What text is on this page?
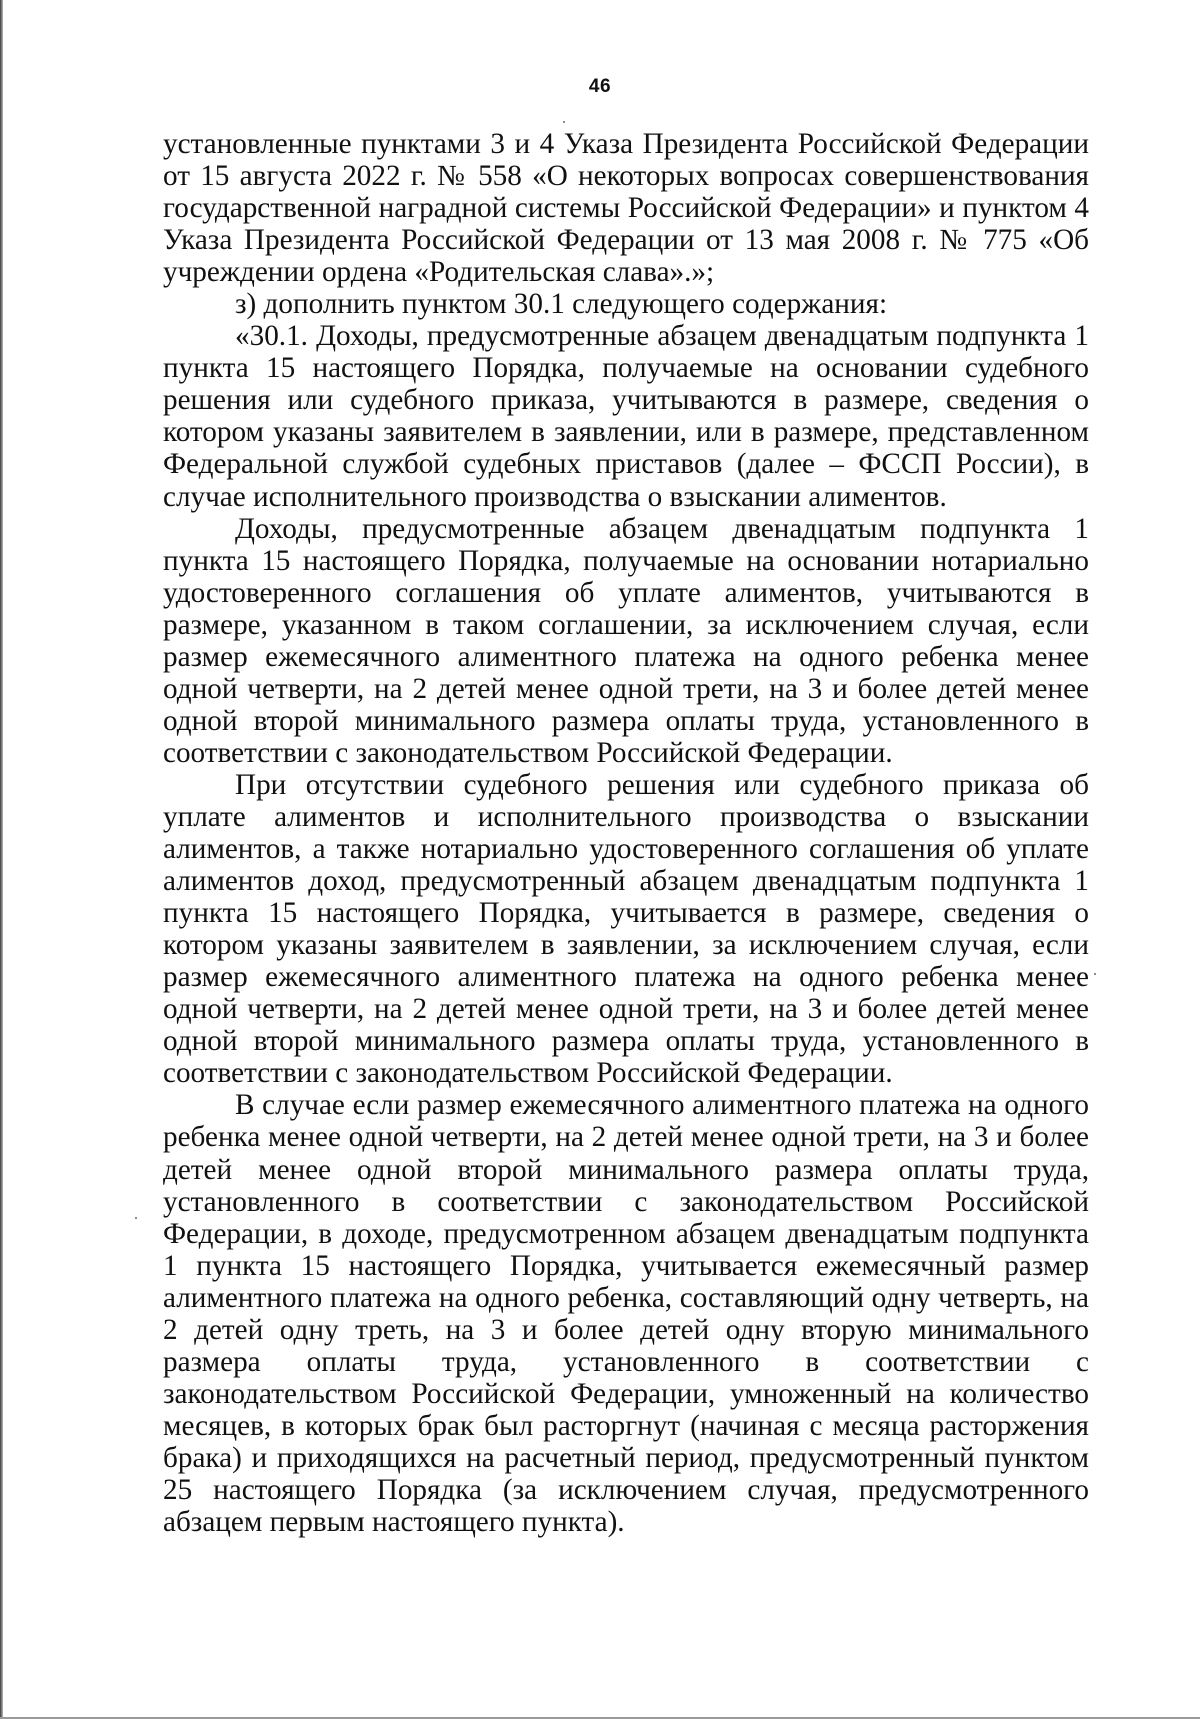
46

установленные пунктами 3 и 4 Указа Президента Российской Федерации от 15 августа 2022 г. № 558 «О некоторых вопросах совершенствования государственной наградной системы Российской Федерации» и пунктом 4 Указа Президента Российской Федерации от 13 мая 2008 г. № 775 «Об учреждении ордена «Родительская слава».»;

з) дополнить пунктом 30.1 следующего содержания:

«30.1. Доходы, предусмотренные абзацем двенадцатым подпункта 1 пункта 15 настоящего Порядка, получаемые на основании судебного решения или судебного приказа, учитываются в размере, сведения о котором указаны заявителем в заявлении, или в размере, представленном Федеральной службой судебных приставов (далее – ФССП России), в случае исполнительного производства о взыскании алиментов.

Доходы, предусмотренные абзацем двенадцатым подпункта 1 пункта 15 настоящего Порядка, получаемые на основании нотариально удостоверенного соглашения об уплате алиментов, учитываются в размере, указанном в таком соглашении, за исключением случая, если размер ежемесячного алиментного платежа на одного ребенка менее одной четверти, на 2 детей менее одной трети, на 3 и более детей менее одной второй минимального размера оплаты труда, установленного в соответствии с законодательством Российской Федерации.

При отсутствии судебного решения или судебного приказа об уплате алиментов и исполнительного производства о взыскании алиментов, а также нотариально удостоверенного соглашения об уплате алиментов доход, предусмотренный абзацем двенадцатым подпункта 1 пункта 15 настоящего Порядка, учитывается в размере, сведения о котором указаны заявителем в заявлении, за исключением случая, если размер ежемесячного алиментного платежа на одного ребенка менее одной четверти, на 2 детей менее одной трети, на 3 и более детей менее одной второй минимального размера оплаты труда, установленного в соответствии с законодательством Российской Федерации.

В случае если размер ежемесячного алиментного платежа на одного ребенка менее одной четверти, на 2 детей менее одной трети, на 3 и более детей менее одной второй минимального размера оплаты труда, установленного в соответствии с законодательством Российской Федерации, в доходе, предусмотренном абзацем двенадцатым подпункта 1 пункта 15 настоящего Порядка, учитывается ежемесячный размер алиментного платежа на одного ребенка, составляющий одну четверть, на 2 детей одну треть, на 3 и более детей одну вторую минимального размера оплаты труда, установленного в соответствии с законодательством Российской Федерации, умноженный на количество месяцев, в которых брак был расторгнут (начиная с месяца расторжения брака) и приходящихся на расчетный период, предусмотренный пунктом 25 настоящего Порядка (за исключением случая, предусмотренного абзацем первым настоящего пункта).
